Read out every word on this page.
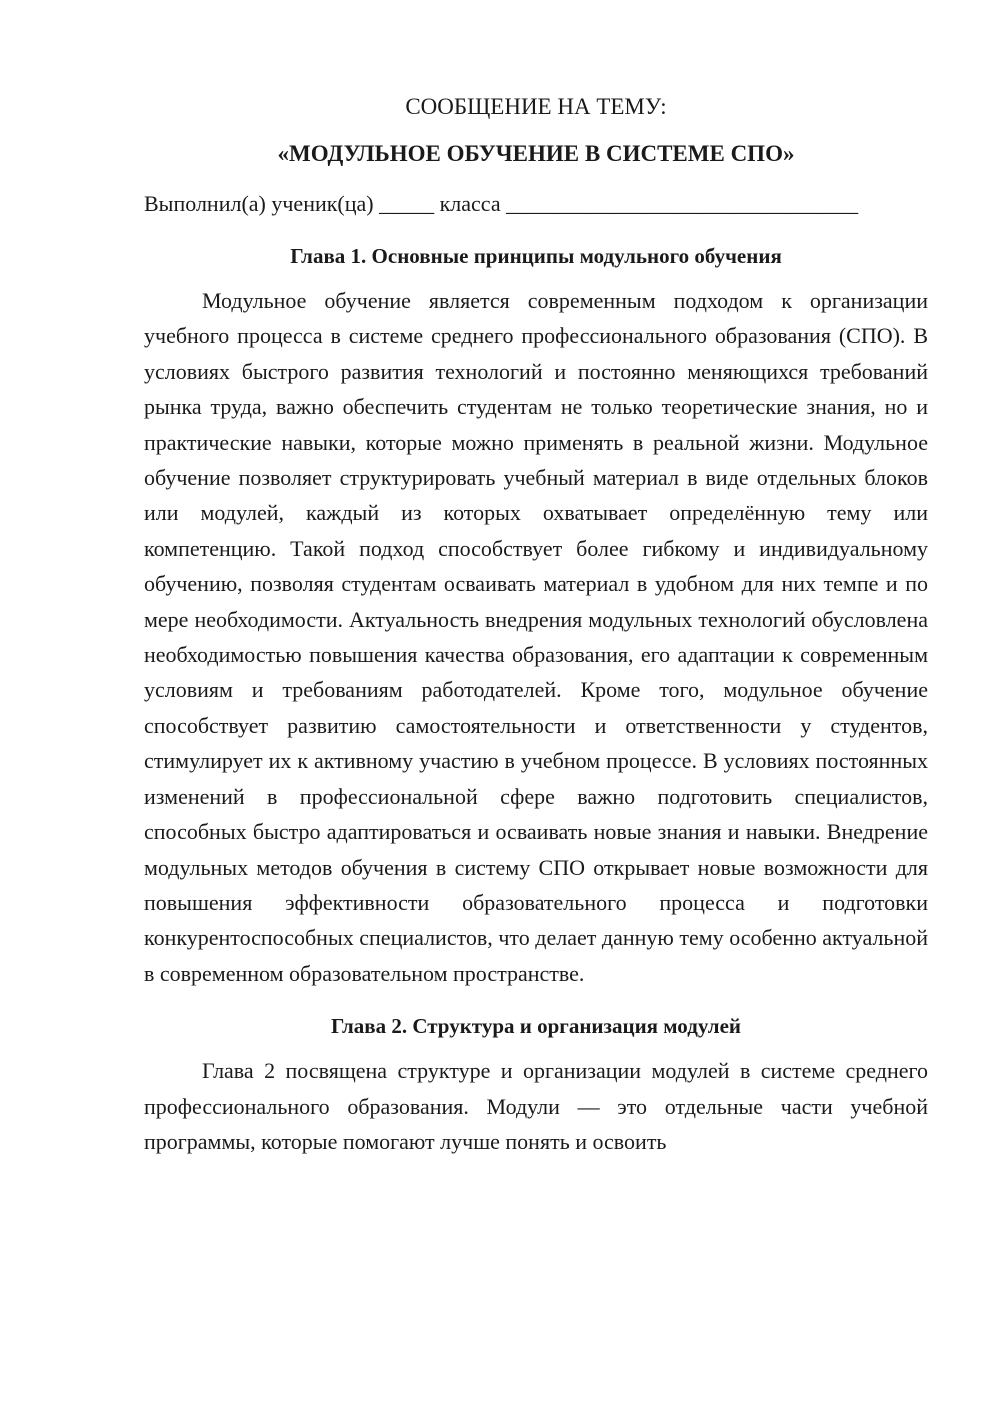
СООБЩЕНИЕ НА ТЕМУ:

«МОДУЛЬНОЕ ОБУЧЕНИЕ В СИСТЕМЕ СПО»

Выполнил(а) ученик(ца) _____ класса ________________________________

Глава 1. Основные принципы модульного обучения

Модульное обучение является современным подходом к организации учебного процесса в системе среднего профессионального образования (СПО). В условиях быстрого развития технологий и постоянно меняющихся требований рынка труда, важно обеспечить студентам не только теоретические знания, но и практические навыки, которые можно применять в реальной жизни. Модульное обучение позволяет структурировать учебный материал в виде отдельных блоков или модулей, каждый из которых охватывает определённую тему или компетенцию. Такой подход способствует более гибкому и индивидуальному обучению, позволяя студентам осваивать материал в удобном для них темпе и по мере необходимости. Актуальность внедрения модульных технологий обусловлена необходимостью повышения качества образования, его адаптации к современным условиям и требованиям работодателей. Кроме того, модульное обучение способствует развитию самостоятельности и ответственности у студентов, стимулирует их к активному участию в учебном процессе. В условиях постоянных изменений в профессиональной сфере важно подготовить специалистов, способных быстро адаптироваться и осваивать новые знания и навыки. Внедрение модульных методов обучения в систему СПО открывает новые возможности для повышения эффективности образовательного процесса и подготовки конкурентоспособных специалистов, что делает данную тему особенно актуальной в современном образовательном пространстве.

Глава 2. Структура и организация модулей

Глава 2 посвящена структуре и организации модулей в системе среднего профессионального образования. Модули — это отдельные части учебной программы, которые помогают лучше понять и освоить
